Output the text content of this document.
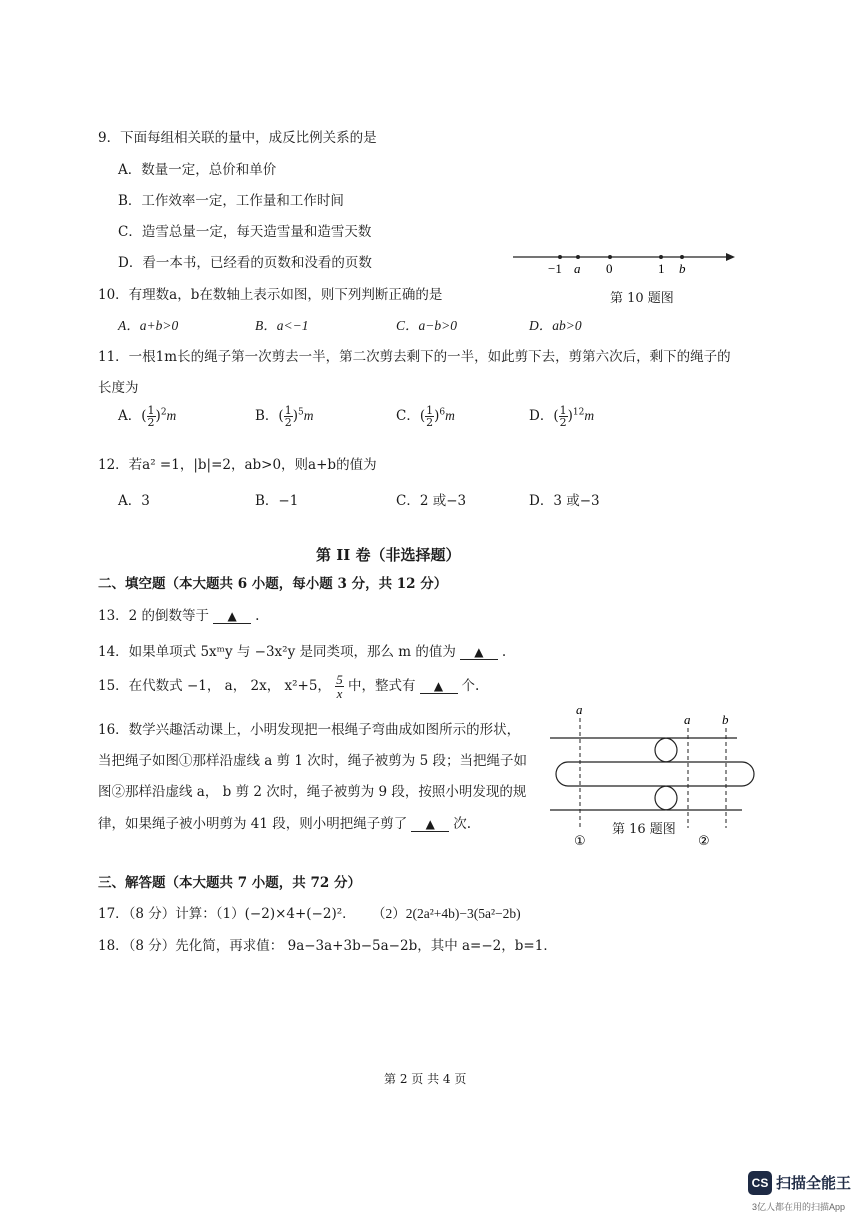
9．下面每组相关联的量中，成反比例关系的是
A．数量一定，总价和单价
B．工作效率一定，工作量和工作时间
C．造雪总量一定，每天造雪量和造雪天数
D．看一本书，已经看的页数和没看的页数	−1 a 0	1 b
第 10 题图
10．有理数a，b在数轴上表示如图，则下列判断正确的是
A．a+b>0	B．a<−1	C．a−b>0	D．ab>0
11．一根1m长的绳子第一次剪去一半，第二次剪去剩下的一半，如此剪下去，剪第六次后，剩下的绳子的
长度为
A．( $\frac{1}{2} )^2m$	B．( $\frac{1}{2} )^5m$	C．( $\frac{1}{2} )^6m$	D．( $\frac{1}{2} )^{12}m$
12．若a² =1，|b|=2，ab>0，则a+b的值为
A．3	B．−1	C．2 或−3	D．3 或−3
第 II 卷（非选择题）
二、填空题（本大题共 6 小题，每小题 3 分，共 12 分）
13．2 的倒数等于 ▲ .
14．如果单项式 5xᵐy 与 −3x²y 是同类项，那么 m 的值为 ▲ .
15．在代数式 −1， a， 2x， x²+5， $\frac{5}{x}$ 中，整式有 ▲ 个.
16．数学兴趣活动课上，小明发现把一根绳子弯曲成如图所示的形状，
当把绳子如图①那样沿虚线 a 剪 1 次时，绳子被剪为 5 段；当把绳子如
图②那样沿虚线 a， b 剪 2 次时，绳子被剪为 9 段，按照小明发现的规
律，如果绳子被小明剪为 41 段，则小明把绳子剪了 ▲ 次.
a
①
a b
②
第 16 题图
三、解答题（本大题共 7 小题，共 72 分）
17．（8 分）计算：（1）(−2)×4+(−2)²． （2）2(2a²+4b)−3(5a²−2b)
18．（8 分）先化简，再求值： 9a−3a+3b−5a−2b，其中 a=−2，b=1．
第 2 页 共 4 页
CS 扫描全能王
3亿人都在用的扫描App
